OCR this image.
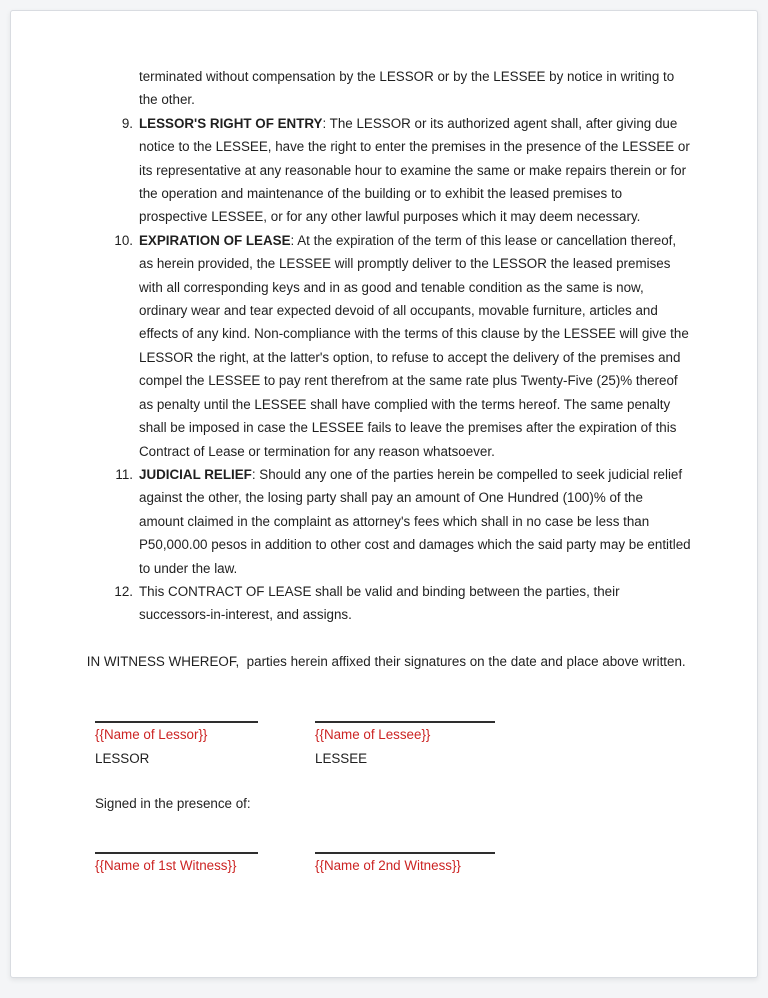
terminated without compensation by the LESSOR or by the LESSEE by notice in writing to the other.

9. LESSOR'S RIGHT OF ENTRY: The LESSOR or its authorized agent shall, after giving due notice to the LESSEE, have the right to enter the premises in the presence of the LESSEE or its representative at any reasonable hour to examine the same or make repairs therein or for the operation and maintenance of the building or to exhibit the leased premises to prospective LESSEE, or for any other lawful purposes which it may deem necessary.
10. EXPIRATION OF LEASE: At the expiration of the term of this lease or cancellation thereof, as herein provided, the LESSEE will promptly deliver to the LESSOR the leased premises with all corresponding keys and in as good and tenable condition as the same is now, ordinary wear and tear expected devoid of all occupants, movable furniture, articles and effects of any kind. Non-compliance with the terms of this clause by the LESSEE will give the LESSOR the right, at the latter's option, to refuse to accept the delivery of the premises and compel the LESSEE to pay rent therefrom at the same rate plus Twenty-Five (25)% thereof as penalty until the LESSEE shall have complied with the terms hereof. The same penalty shall be imposed in case the LESSEE fails to leave the premises after the expiration of this Contract of Lease or termination for any reason whatsoever.
11. JUDICIAL RELIEF: Should any one of the parties herein be compelled to seek judicial relief against the other, the losing party shall pay an amount of One Hundred (100)% of the amount claimed in the complaint as attorney's fees which shall in no case be less than P50,000.00 pesos in addition to other cost and damages which the said party may be entitled to under the law.
12. This CONTRACT OF LEASE shall be valid and binding between the parties, their successors-in-interest, and assigns.

IN WITNESS WHEREOF,  parties herein affixed their signatures on the date and place above written.

{{Name of Lessor}}
LESSOR
{{Name of Lessee}}
LESSEE

Signed in the presence of:

{{Name of 1st Witness}}	{{Name of 2nd Witness}}
